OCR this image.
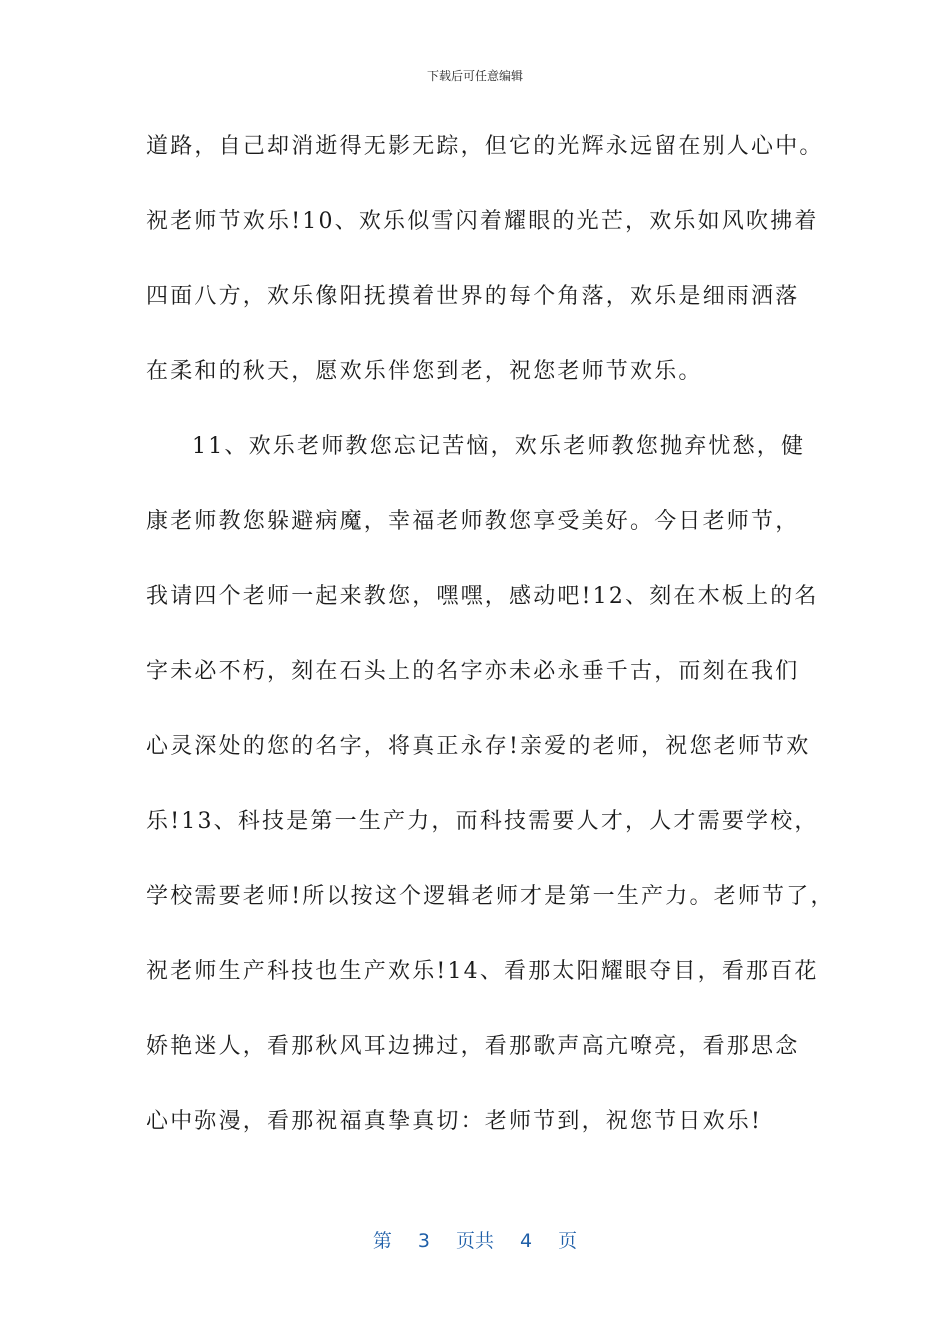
下载后可任意编辑
道路，自己却消逝得无影无踪，但它的光辉永远留在别人心中。
祝老师节欢乐!10、欢乐似雪闪着耀眼的光芒，欢乐如风吹拂着
四面八方，欢乐像阳抚摸着世界的每个角落，欢乐是细雨洒落
在柔和的秋天，愿欢乐伴您到老，祝您老师节欢乐。
11、欢乐老师教您忘记苦恼，欢乐老师教您抛弃忧愁，健
康老师教您躲避病魔，幸福老师教您享受美好。今日老师节，
我请四个老师一起来教您，嘿嘿，感动吧!12、刻在木板上的名
字未必不朽，刻在石头上的名字亦未必永垂千古，而刻在我们
心灵深处的您的名字，将真正永存!亲爱的老师，祝您老师节欢
乐!13、科技是第一生产力，而科技需要人才，人才需要学校，
学校需要老师!所以按这个逻辑老师才是第一生产力。老师节了，
祝老师生产科技也生产欢乐!14、看那太阳耀眼夺目，看那百花
娇艳迷人，看那秋风耳边拂过，看那歌声高亢嘹亮，看那思念
心中弥漫，看那祝福真挚真切：老师节到，祝您节日欢乐!
第 3 页共 4 页
